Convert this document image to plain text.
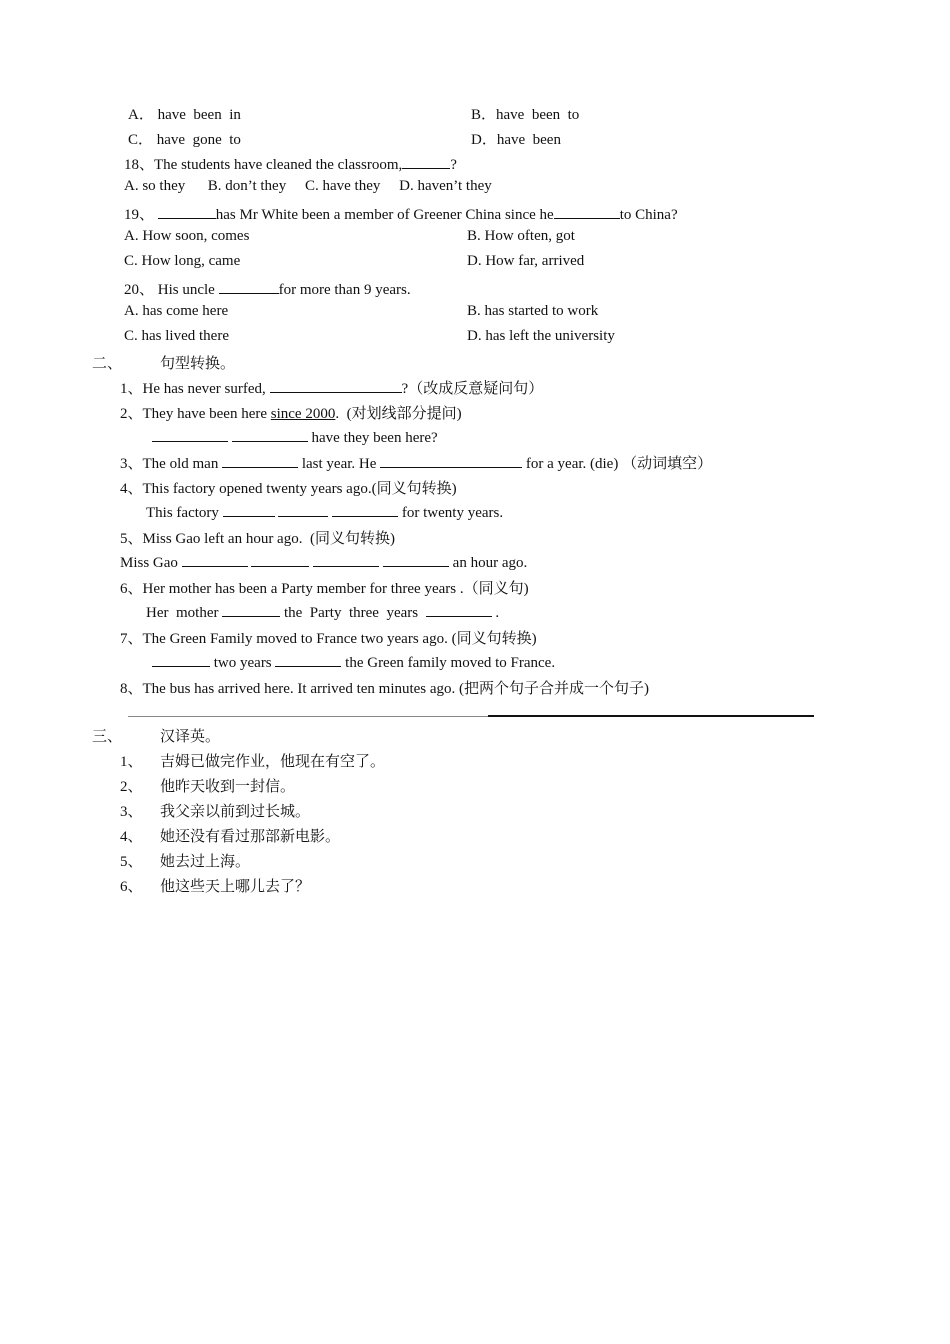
A． have  been  in	B．have  been  to
C． have  gone  to	D．have  been
18、The students have cleaned the classroom,	?
A. so they      B. don’t they     C. have they     D. haven’t they
19、	has Mr White been a member of Greener China since he	to China?
A. How soon, comes	B. How often, got
C. How long, came	D. How far, arrived
20、 His uncle	for more than 9 years.
A. has come here	B. has started to work
C. has lived there	D. has left the university
二、	句型转换。
1、He has never surfed,	?（改成反意疑问句）
2、They have been here since 2000.  (对划线部分提问)
have they been here?
3、The old man	last year. He	for a year. (die) （动词填空）
4、This factory opened twenty years ago.(同义句转换)
This factory	for twenty years.
5、Miss Gao left an hour ago.  (同义句转换)
Miss Gao	an hour ago.
6、Her mother has been a Party member for three years .（同义句)
Her  mother	the  Party  three  years	.
7、The Green Family moved to France two years ago. (同义句转换)
two years	the Green family moved to France.
8、The bus has arrived here. It arrived ten minutes ago. (把两个句子合并成一个句子)
三、	汉译英。
1、 吉姆已做完作业，他现在有空了。
2、 他昨天收到一封信。
3、 我父亲以前到过长城。
4、 她还没有看过那部新电影。
5、 她去过上海。
6、 他这些天上哪儿去了？
